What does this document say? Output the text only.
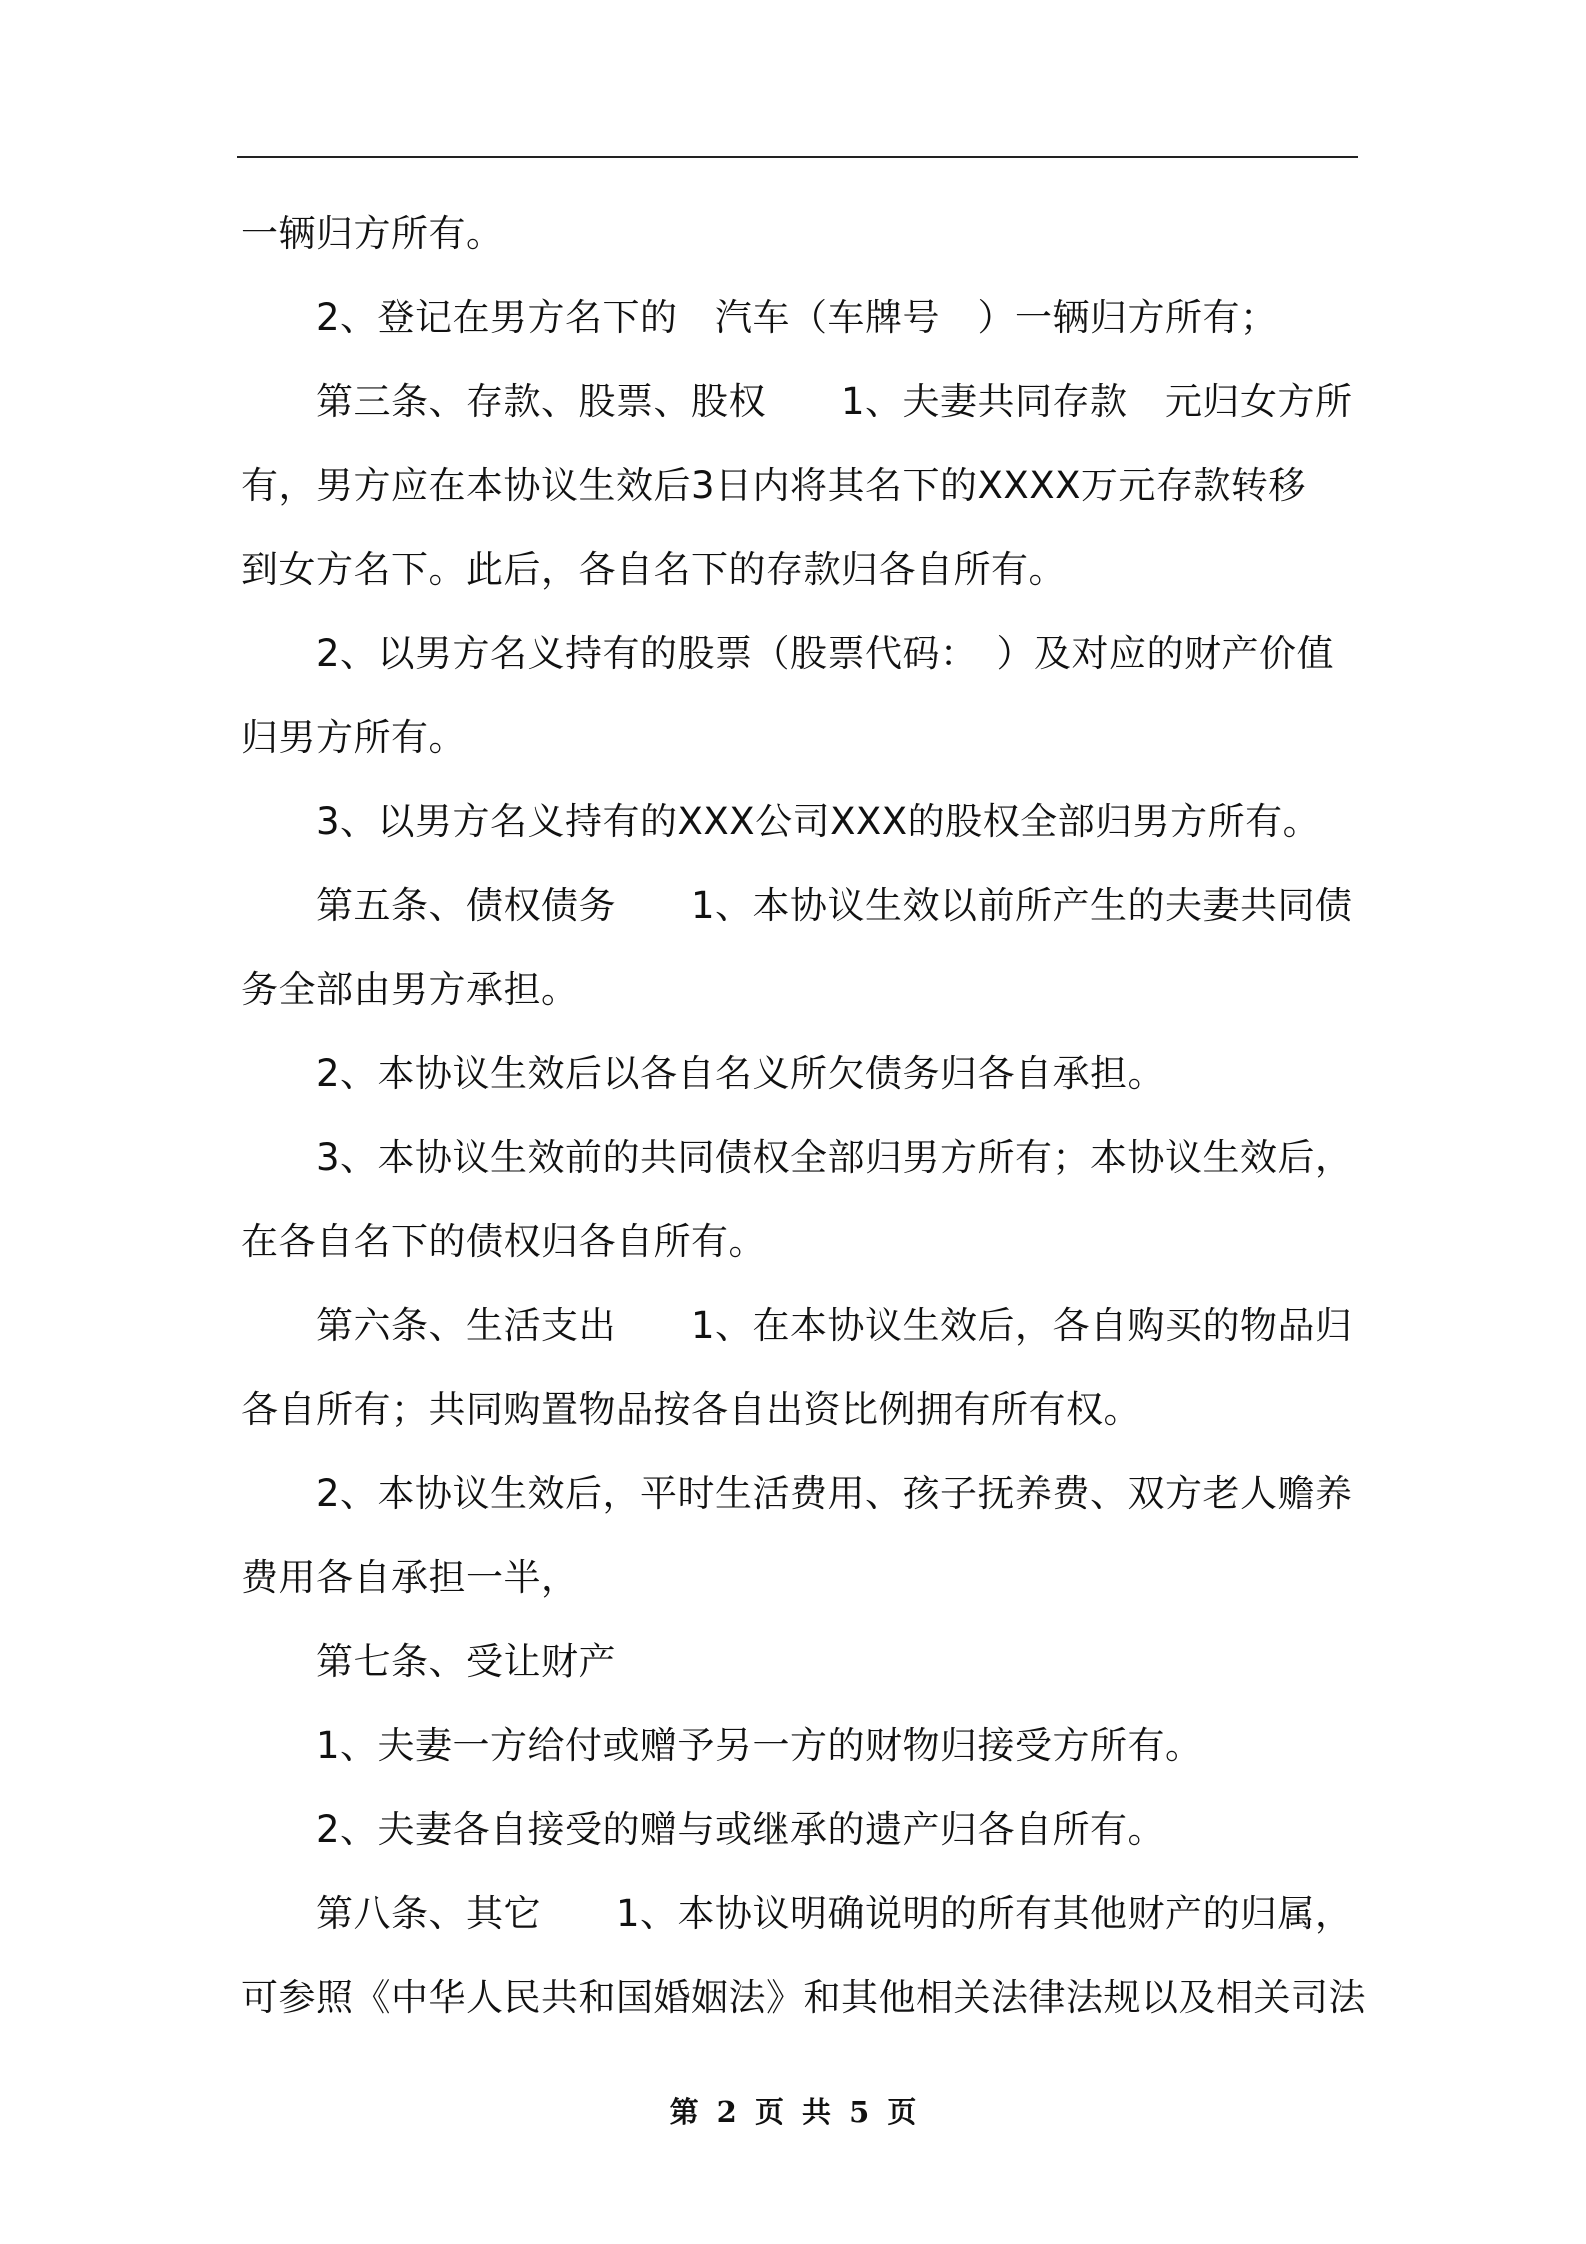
一辆归方所有。

2、登记在男方名下的　汽车（车牌号　）一辆归方所有；

第三条、存款、股票、股权　　1、夫妻共同存款　元归女方所

有，男方应在本协议生效后3日内将其名下的XXXX万元存款转移

到女方名下。此后，各自名下的存款归各自所有。

2、以男方名义持有的股票（股票代码：　）及对应的财产价值

归男方所有。

3、以男方名义持有的XXX公司XXX的股权全部归男方所有。

第五条、债权债务　　1、本协议生效以前所产生的夫妻共同债

务全部由男方承担。

2、本协议生效后以各自名义所欠债务归各自承担。

3、本协议生效前的共同债权全部归男方所有；本协议生效后，

在各自名下的债权归各自所有。

第六条、生活支出　　1、在本协议生效后，各自购买的物品归

各自所有；共同购置物品按各自出资比例拥有所有权。

2、本协议生效后，平时生活费用、孩子抚养费、双方老人赡养

费用各自承担一半，

第七条、受让财产

1、夫妻一方给付或赠予另一方的财物归接受方所有。

2、夫妻各自接受的赠与或继承的遗产归各自所有。

第八条、其它　　1、本协议明确说明的所有其他财产的归属，

可参照《中华人民共和国婚姻法》和其他相关法律法规以及相关司法

第 2 页 共 5 页
